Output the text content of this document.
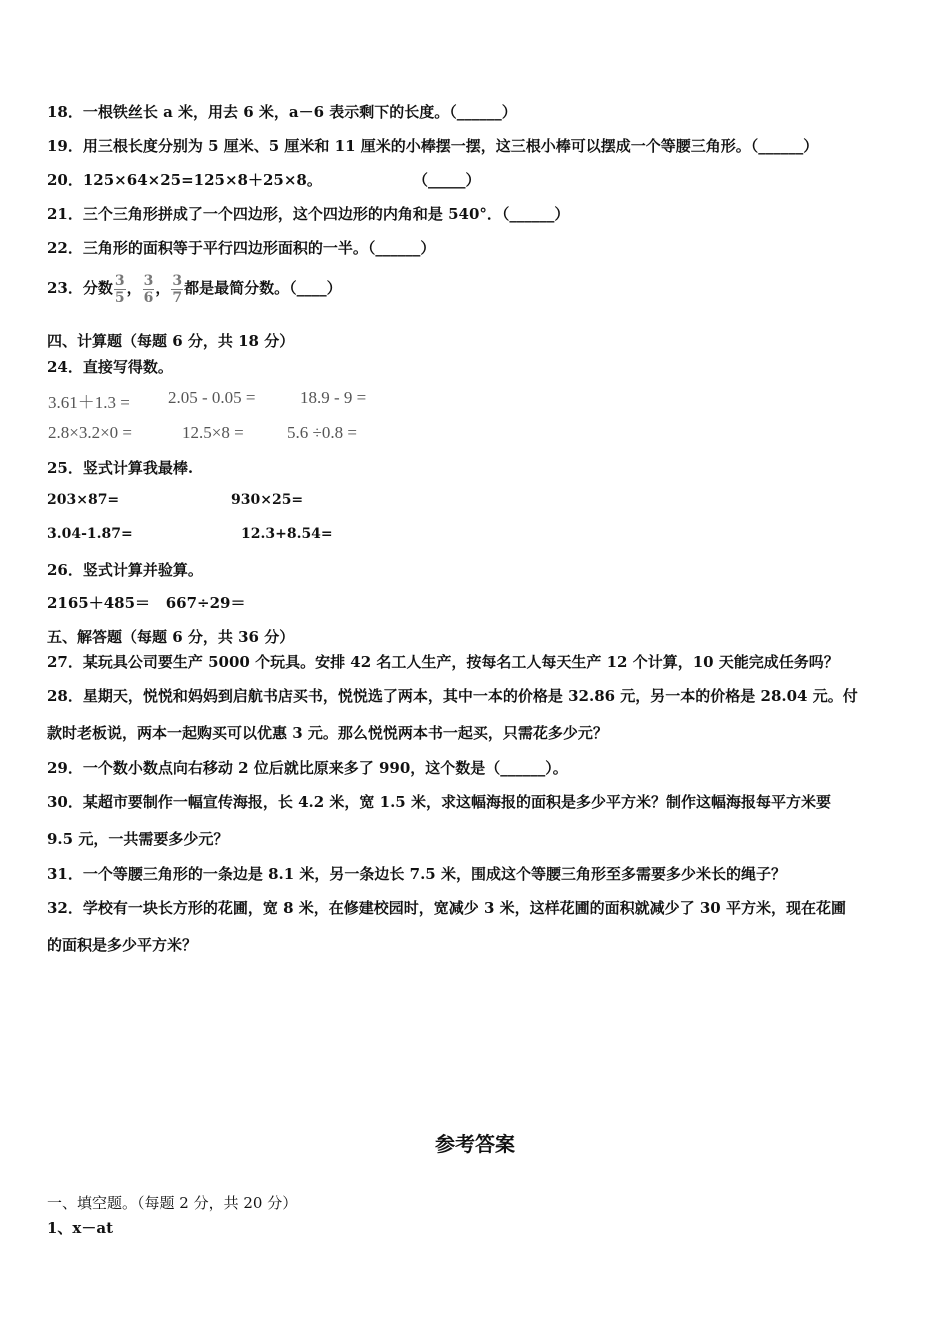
18．一根铁丝长 a 米，用去 6 米，a－6 表示剩下的长度。（______）
19．用三根长度分别为 5 厘米、5 厘米和 11 厘米的小棒摆一摆，这三根小棒可以摆成一个等腰三角形。（______）
20．125×64×25=125×8＋25×8。	（_____）
21．三个三角形拼成了一个四边形，这个四边形的内角和是 540°．（______）
22．三角形的面积等于平行四边形面积的一半。（______）
23．分数 $\frac{3}{5}$ ， $\frac{3}{6}$ ， $\frac{3}{7}$ 都是最简分数。（____）
四、计算题（每题 6 分，共 18 分）
24．直接写得数。
3.61＋1.3 = 2.05 - 0.05 =	18.9 - 9 =
2.8×3.2×0 =	12.5×8 =	5.6 ÷0.8 =
25．竖式计算我最棒.
203×87=	930×25=
3.04-1.87=	12.3+8.54=
26．竖式计算并验算。
2165＋485＝   667÷29＝
五、解答题（每题 6 分，共 36 分）
27．某玩具公司要生产 5000 个玩具。安排 42 名工人生产，按每名工人每天生产 12 个计算，10 天能完成任务吗？
28．星期天，悦悦和妈妈到启航书店买书，悦悦选了两本，其中一本的价格是 32.86 元，另一本的价格是 28.04 元。付
款时老板说，两本一起购买可以优惠 3 元。那么悦悦两本书一起买，只需花多少元？
29．一个数小数点向右移动 2 位后就比原来多了 990，这个数是（______）。
30．某超市要制作一幅宣传海报，长 4.2 米，宽 1.5 米，求这幅海报的面积是多少平方米？制作这幅海报每平方米要
9.5 元，一共需要多少元？
31．一个等腰三角形的一条边是 8.1 米，另一条边长 7.5 米，围成这个等腰三角形至多需要多少米长的绳子？
32．学校有一块长方形的花圃，宽 8 米，在修建校园时，宽减少 3 米，这样花圃的面积就减少了 30 平方米，现在花圃
的面积是多少平方米？
参考答案
一、填空题。（每题 2 分，共 20 分）
1、x－at
